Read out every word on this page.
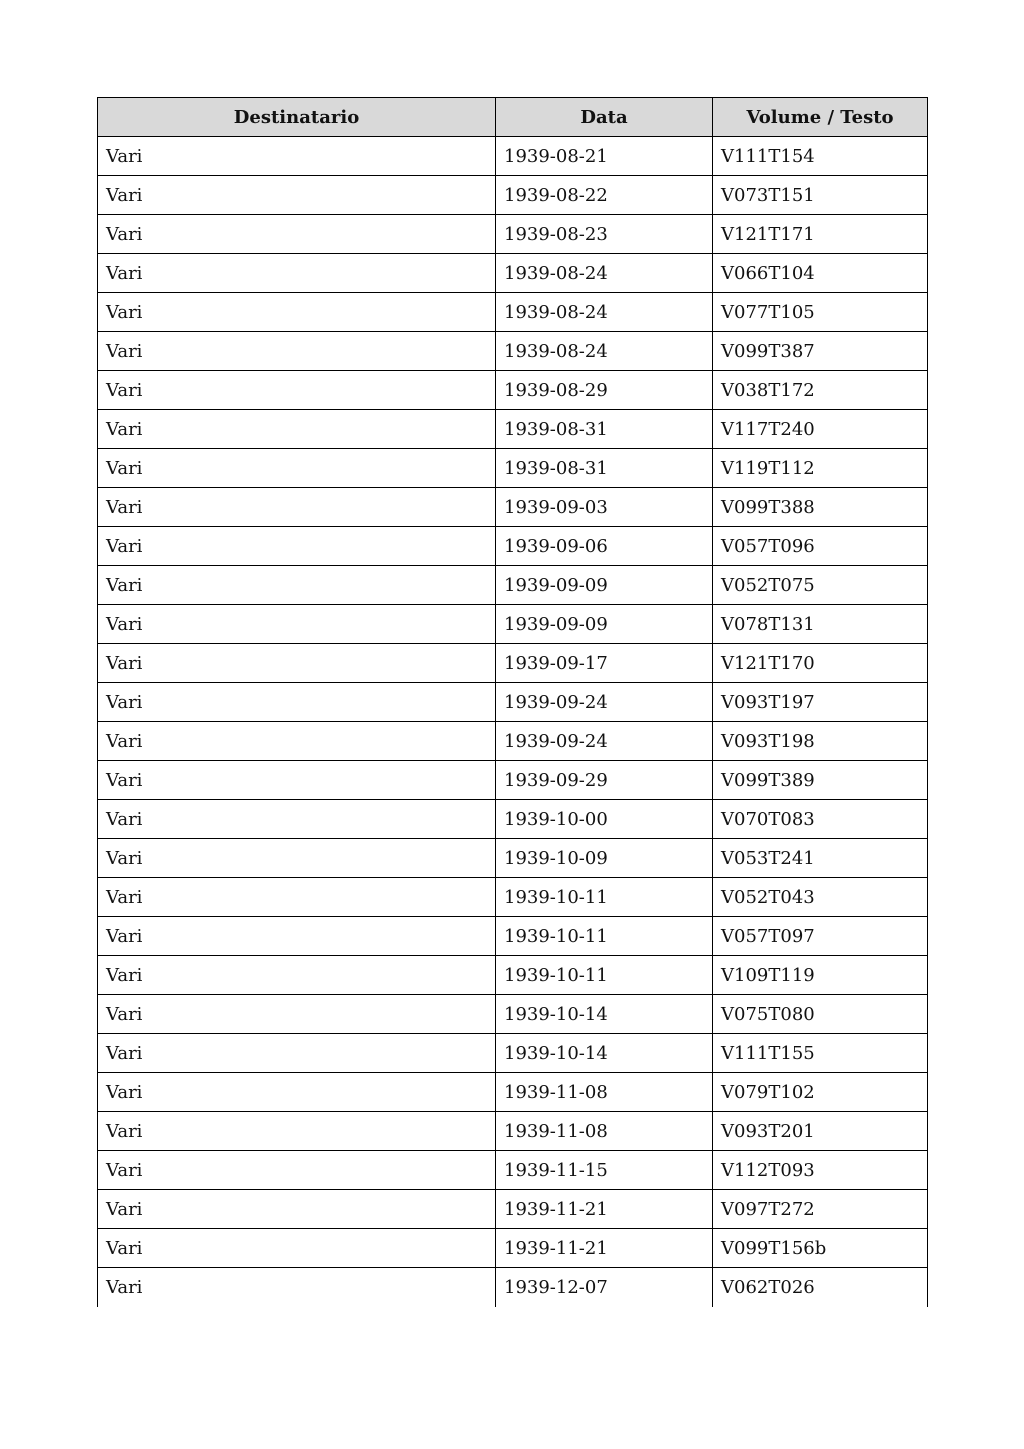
Destinatario	Data	Volume / Testo
Vari	1939-08-21	V111T154
Vari	1939-08-22	V073T151
Vari	1939-08-23	V121T171
Vari	1939-08-24	V066T104
Vari	1939-08-24	V077T105
Vari	1939-08-24	V099T387
Vari	1939-08-29	V038T172
Vari	1939-08-31	V117T240
Vari	1939-08-31	V119T112
Vari	1939-09-03	V099T388
Vari	1939-09-06	V057T096
Vari	1939-09-09	V052T075
Vari	1939-09-09	V078T131
Vari	1939-09-17	V121T170
Vari	1939-09-24	V093T197
Vari	1939-09-24	V093T198
Vari	1939-09-29	V099T389
Vari	1939-10-00	V070T083
Vari	1939-10-09	V053T241
Vari	1939-10-11	V052T043
Vari	1939-10-11	V057T097
Vari	1939-10-11	V109T119
Vari	1939-10-14	V075T080
Vari	1939-10-14	V111T155
Vari	1939-11-08	V079T102
Vari	1939-11-08	V093T201
Vari	1939-11-15	V112T093
Vari	1939-11-21	V097T272
Vari	1939-11-21	V099T156b
Vari	1939-12-07	V062T026
